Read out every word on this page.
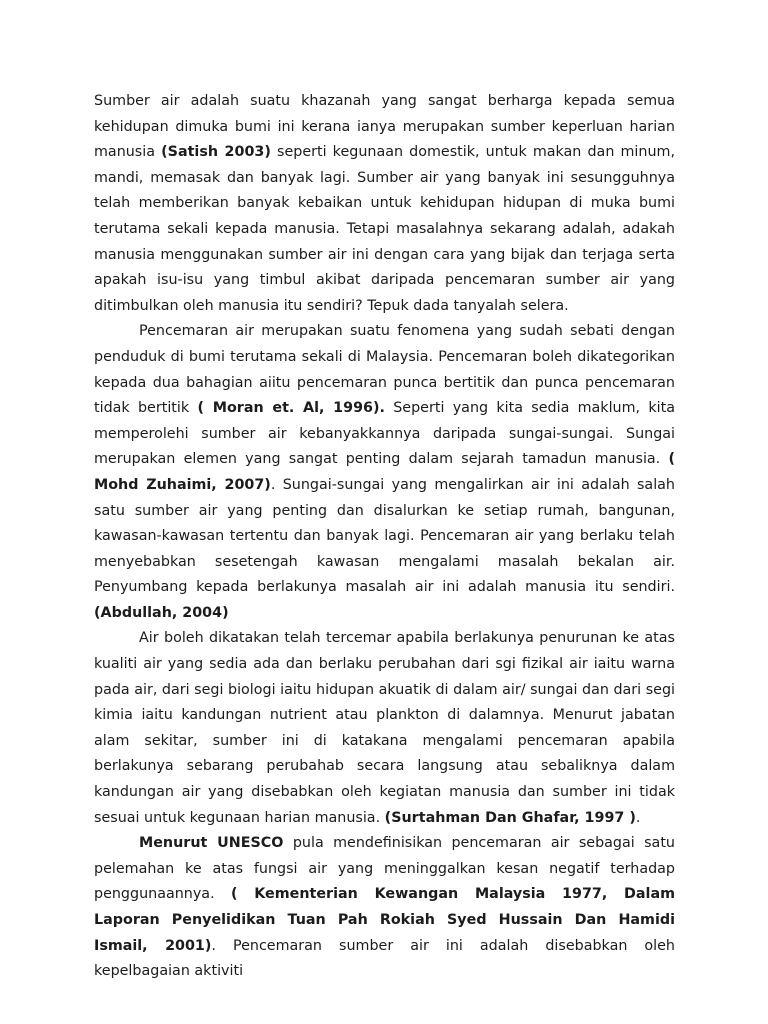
Sumber air adalah suatu khazanah yang sangat berharga kepada semua kehidupan dimuka bumi ini kerana ianya merupakan sumber keperluan harian manusia (Satish 2003) seperti kegunaan domestik, untuk makan dan minum, mandi, memasak dan banyak lagi. Sumber air yang banyak ini sesungguhnya telah memberikan banyak kebaikan untuk kehidupan hidupan di muka bumi terutama sekali kepada manusia. Tetapi masalahnya sekarang adalah, adakah manusia menggunakan sumber air ini dengan cara yang bijak dan terjaga serta apakah isu-isu yang timbul akibat daripada pencemaran sumber air yang ditimbulkan oleh manusia itu sendiri? Tepuk dada tanyalah selera.

Pencemaran air merupakan suatu fenomena yang sudah sebati dengan penduduk di bumi terutama sekali di Malaysia. Pencemaran boleh dikategorikan kepada dua bahagian aiitu pencemaran punca bertitik dan punca pencemaran tidak bertitik ( Moran et. Al, 1996). Seperti yang kita sedia maklum, kita memperolehi sumber air kebanyakkannya daripada sungai-sungai. Sungai merupakan elemen yang sangat penting dalam sejarah tamadun manusia. ( Mohd Zuhaimi, 2007). Sungai-sungai yang mengalirkan air ini adalah salah satu sumber air yang penting dan disalurkan ke setiap rumah, bangunan, kawasan-kawasan tertentu dan banyak lagi. Pencemaran air yang berlaku telah menyebabkan sesetengah kawasan mengalami masalah bekalan air. Penyumbang kepada berlakunya masalah air ini adalah manusia itu sendiri.(Abdullah, 2004)

Air boleh dikatakan telah tercemar apabila berlakunya penurunan ke atas kualiti air yang sedia ada dan berlaku perubahan dari sgi fizikal air iaitu warna pada air, dari segi biologi iaitu hidupan akuatik di dalam air/ sungai dan dari segi kimia iaitu kandungan nutrient atau plankton di dalamnya. Menurut jabatan alam sekitar, sumber ini di katakana mengalami pencemaran apabila berlakunya sebarang perubahab secara langsung atau sebaliknya dalam kandungan air yang disebabkan oleh kegiatan manusia dan sumber ini tidak sesuai untuk kegunaan harian manusia. (Surtahman Dan Ghafar, 1997 ).

Menurut UNESCO pula mendefinisikan pencemaran air sebagai satu pelemahan ke atas fungsi air yang meninggalkan kesan negatif terhadap penggunaannya. ( Kementerian Kewangan Malaysia 1977, Dalam Laporan Penyelidikan Tuan Pah Rokiah Syed Hussain Dan Hamidi Ismail, 2001). Pencemaran sumber air ini adalah disebabkan oleh kepelbagaian aktiviti
